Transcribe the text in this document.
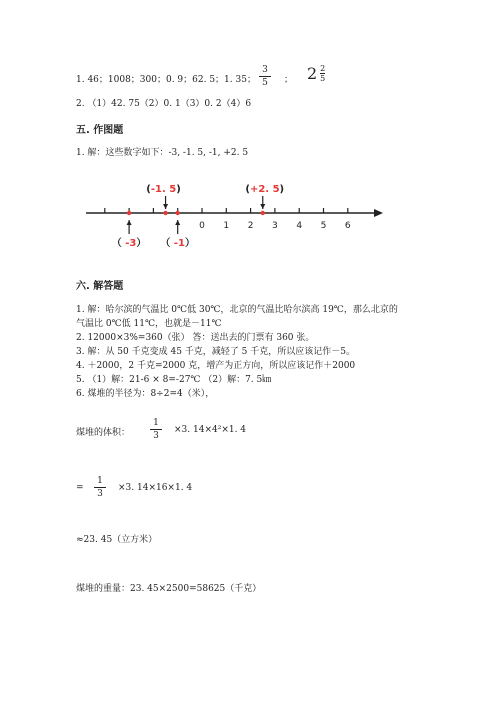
1. 46；1008；300；0. 9；62. 5；1. 35；
3
5	； $2 \frac{2}{5}$
2. （1）42. 75（2）0. 1（3）0. 2（4）6
五. 作图题
1. 解：这些数字如下：-3, -1. 5, -1, +2. 5
0 1 2 3 4 5 6
(-1. 5)	(+2. 5)
（ -3） （ -1）
六. 解答题
1. 解：哈尔滨的气温比 0℃低 30℃，北京的气温比哈尔滨高 19℃，那么北京的
气温比 0℃低 11℃，也就是－11℃
2. 12000×3%=360（张） 答：送出去的门票有 360 张。
3. 解：从 50 千克变成 45 千克，减轻了 5 千克，所以应该记作－5。
4. ＋2000，2 千克=2000 克，增产为正方向，所以应该记作＋2000
5. （1）解：21-6 × 8=-27℃ （2）解：7. 5㎞
6. 煤堆的半径为：8÷2=4（米），
煤堆的体积：
1
3
×3. 14×4²×1. 4
=
1
3
×3. 14×16×1. 4
≈23. 45（立方米）
煤堆的重量：23. 45×2500=58625（千克）
